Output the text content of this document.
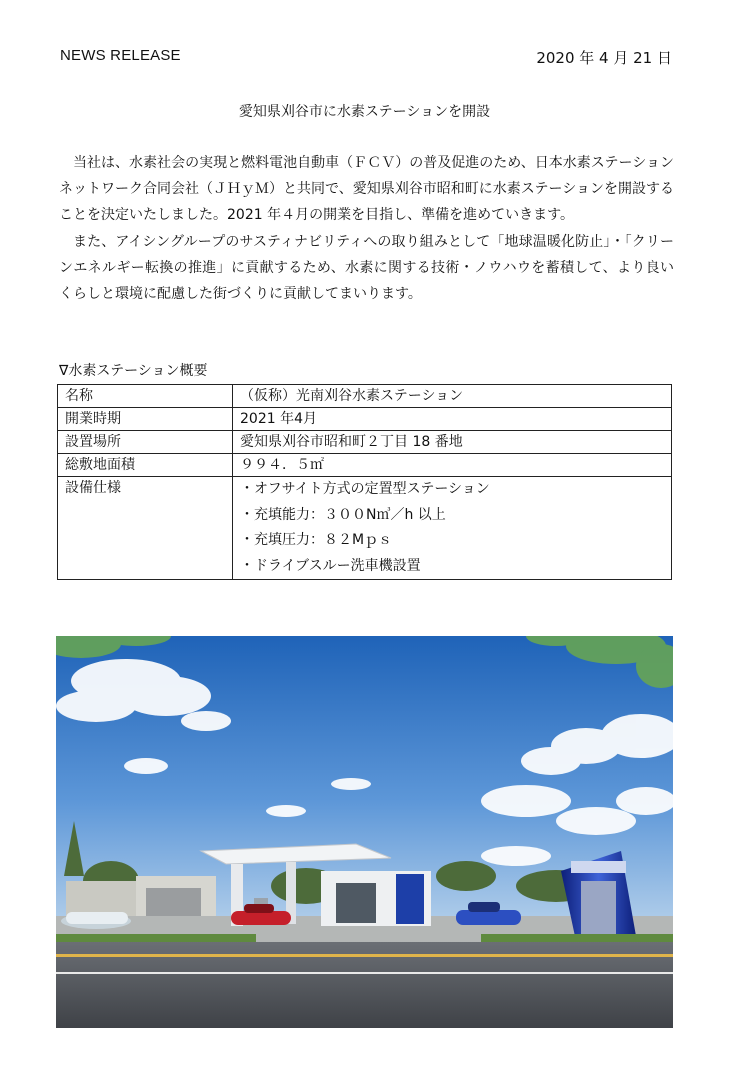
NEWS RELEASE	2020 年 4 月 21 日
愛知県刈谷市に水素ステーションを開設

当社は、水素社会の実現と燃料電池自動車（ＦＣＶ）の普及促進のため、日本水素ステーションネットワーク合同会社（ＪＨｙＭ）と共同で、愛知県刈谷市昭和町に水素ステーションを開設することを決定いたしました。2021 年４月の開業を目指し、準備を進めていきます。

また、アイシングループのサスティナビリティへの取り組みとして「地球温暖化防止」・「クリーンエネルギー転換の推進」に貢献するため、水素に関する技術・ノウハウを蓄積して、より良いくらしと環境に配慮した街づくりに貢献してまいります。

∇水素ステーション概要
名称	（仮称）光南刈谷水素ステーション
開業時期	2021 年4月
設置場所	愛知県刈谷市昭和町２丁目 18 番地
総敷地面積	９９４．５㎡
設備仕様	・オフサイト方式の定置型ステーション
・充填能力：３００N㎥／h 以上
・充填圧力：８２Mｐｓ
・ドライブスルー洗車機設置
